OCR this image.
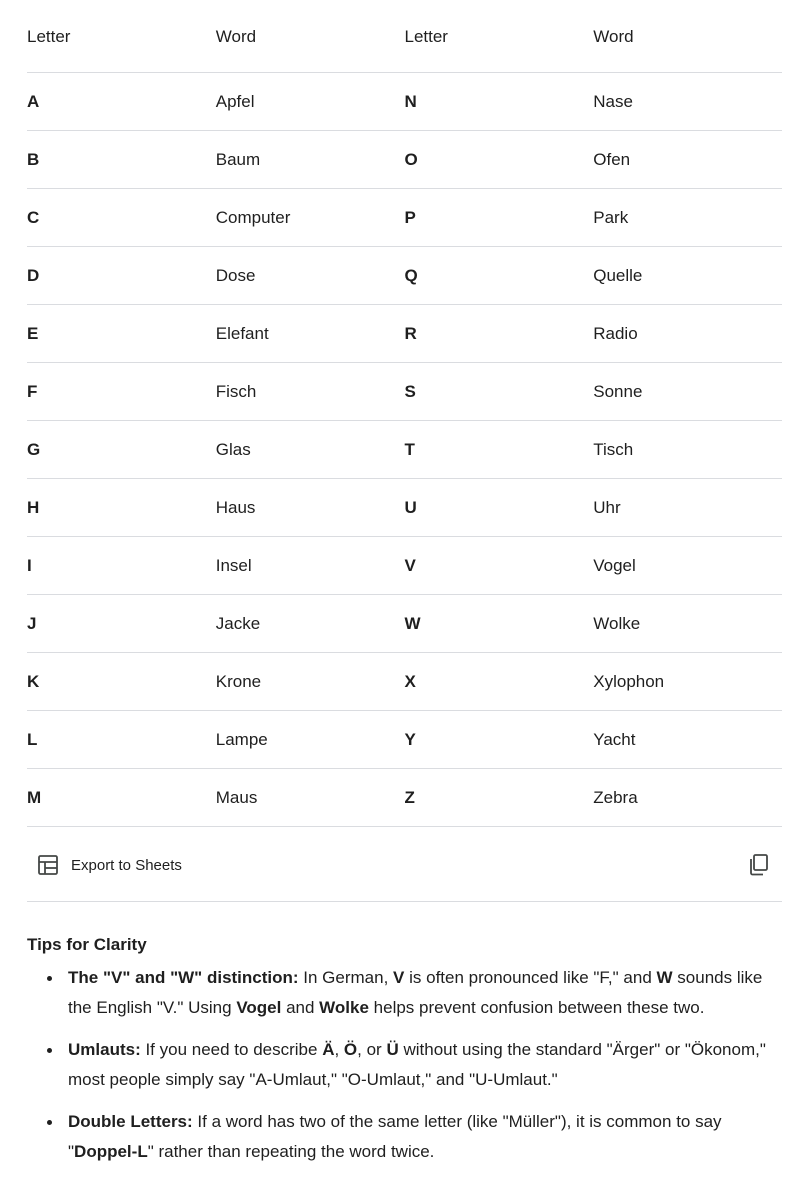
Letter	Word	Letter	Word
A	Apfel	N	Nase
B	Baum	O	Ofen
C	Computer	P	Park
D	Dose	Q	Quelle
E	Elefant	R	Radio
F	Fisch	S	Sonne
G	Glas	T	Tisch
H	Haus	U	Uhr
I	Insel	V	Vogel
J	Jacke	W	Wolke
K	Krone	X	Xylophon
L	Lampe	Y	Yacht
M	Maus	Z	Zebra
Export to Sheets
Tips for Clarity
The "V" and "W" distinction: In German, V is often pronounced like "F," and W sounds like the English "V." Using Vogel and Wolke helps prevent confusion between these two.
Umlauts: If you need to describe Ä, Ö, or Ü without using the standard "Ärger" or "Ökonom," most people simply say "A-Umlaut," "O-Umlaut," and "U-Umlaut."
Double Letters: If a word has two of the same letter (like "Müller"), it is common to say "Doppel-L" rather than repeating the word twice.
